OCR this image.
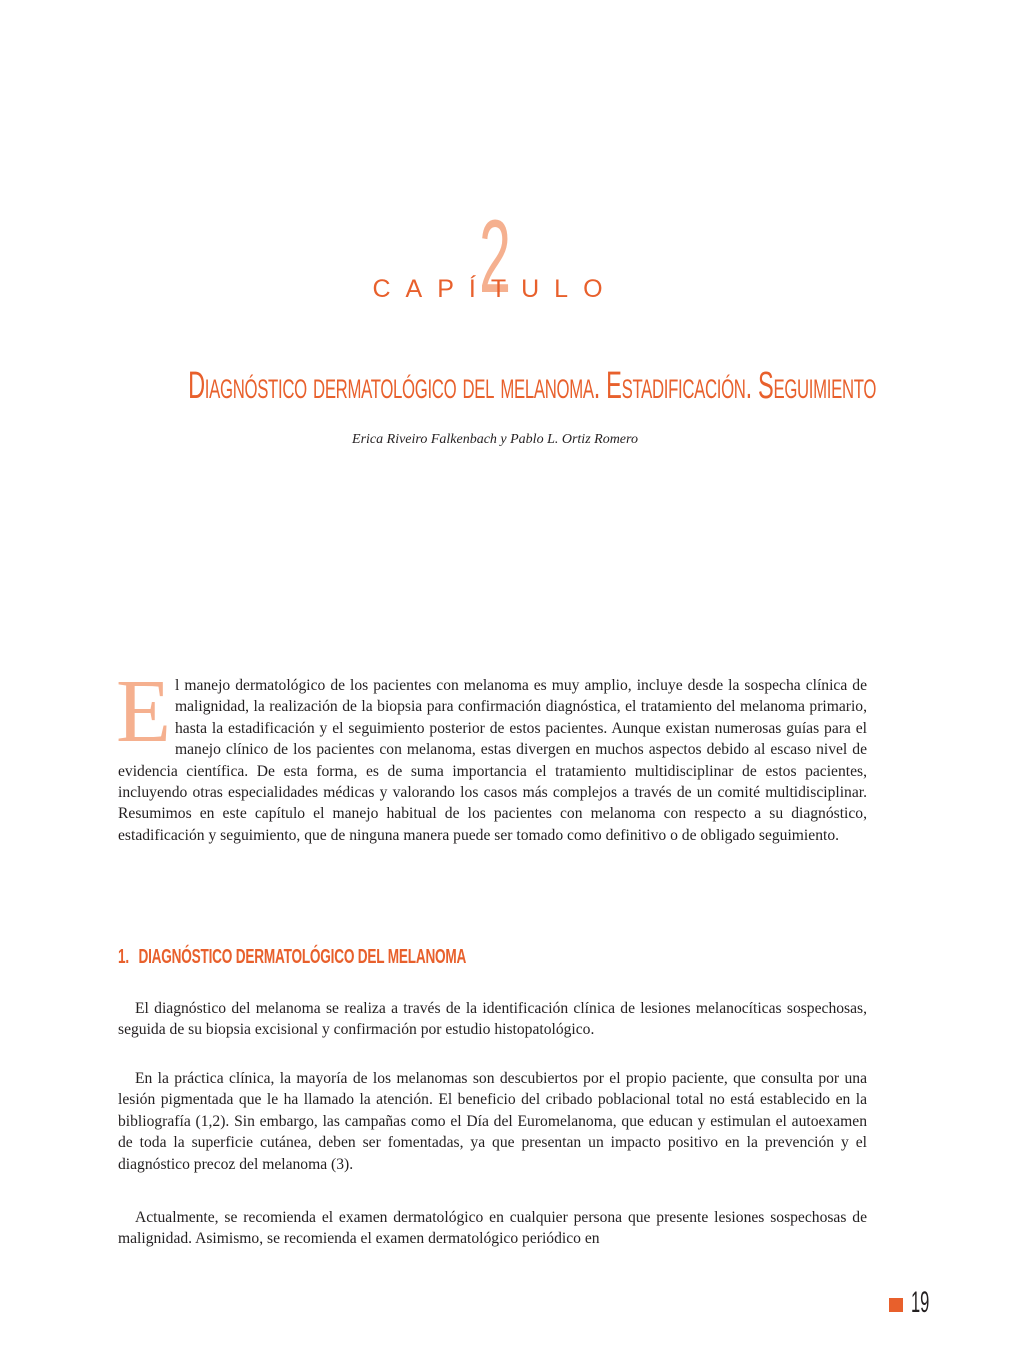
2
CAPÍTULO
Diagnóstico dermatológico del melanoma. Estadificación. Seguimiento
Erica Riveiro Falkenbach y Pablo L. Ortiz Romero

El manejo dermatológico de los pacientes con melanoma es muy amplio, incluye desde la sospecha clínica de malignidad, la realización de la biopsia para confirmación diagnóstica, el tratamiento del melanoma primario, hasta la estadificación y el seguimiento posterior de estos pacientes. Aunque existan numerosas guías para el manejo clínico de los pacientes con melanoma, estas divergen en muchos aspectos debido al escaso nivel de evidencia científica. De esta forma, es de suma importancia el tratamiento multidisciplinar de estos pacientes, incluyendo otras especialidades médicas y valorando los casos más complejos a través de un comité multidisciplinar. Resumimos en este capítulo el manejo habitual de los pacientes con melanoma con respecto a su diagnóstico, estadificación y seguimiento, que de ninguna manera puede ser tomado como definitivo o de obligado seguimiento.

1. DIAGNÓSTICO DERMATOLÓGICO DEL MELANOMA

El diagnóstico del melanoma se realiza a través de la identificación clínica de lesiones melanocíticas sospechosas, seguida de su biopsia excisional y confirmación por estudio histopatológico.

En la práctica clínica, la mayoría de los melanomas son descubiertos por el propio paciente, que consulta por una lesión pigmentada que le ha llamado la atención. El beneficio del cribado poblacional total no está establecido en la bibliografía (1,2). Sin embargo, las campañas como el Día del Euromelanoma, que educan y estimulan el autoexamen de toda la superficie cutánea, deben ser fomentadas, ya que presentan un impacto positivo en la prevención y el diagnóstico precoz del melanoma (3).

Actualmente, se recomienda el examen dermatológico en cualquier persona que presente lesiones sospechosas de malignidad. Asimismo, se recomienda el examen dermatológico periódico en

19
